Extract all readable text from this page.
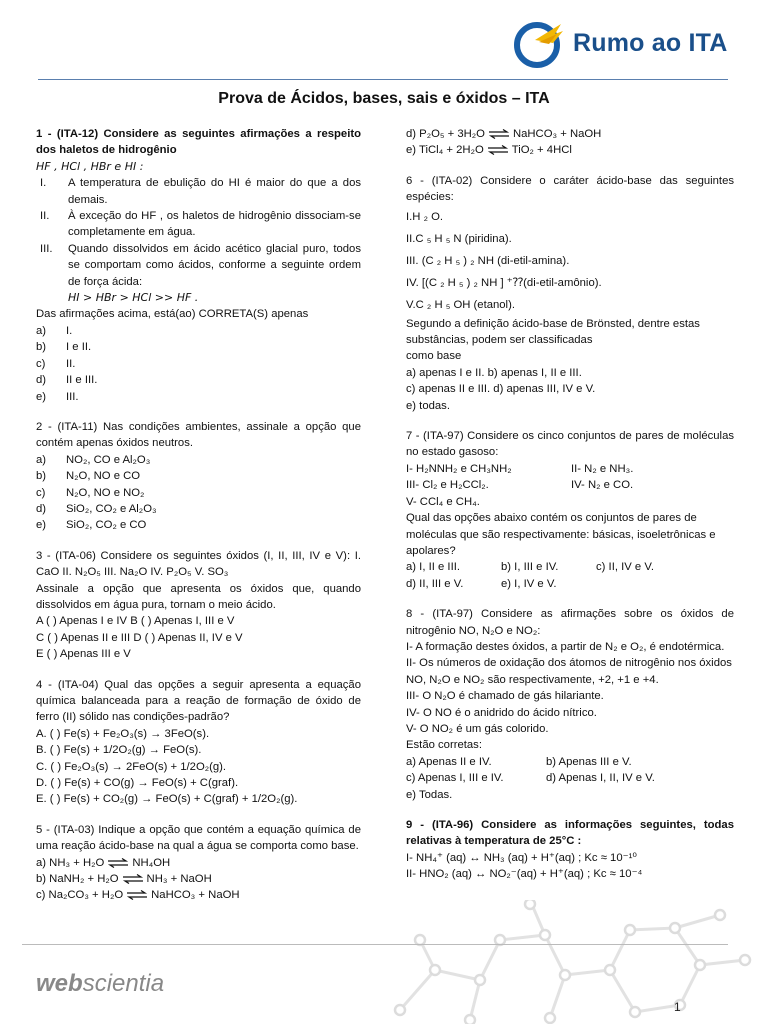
Rumo ao ITA
Prova de Ácidos, bases, sais e óxidos – ITA

1 - (ITA-12) Considere as seguintes afirmações a respeito dos haletos de hidrogênio

HF , HCl , HBr e HI :

I.	A temperatura de ebulição do HI é maior do que a dos demais.
II.	À exceção do HF , os haletos de hidrogênio dissociam-se completamente em água.
III.	Quando dissolvidos em ácido acético glacial puro, todos se comportam como ácidos, conforme a seguinte ordem de força ácida:

HI > HBr > HCl >> HF .

Das afirmações acima, está(ao) CORRETA(S) apenas

a)	I.
b)	I e II.
c)	II.
d)	II e III.
e)	III.

2 - (ITA-11) Nas condições ambientes, assinale a opção que contém apenas óxidos neutros.

a)	NO₂, CO e Al₂O₃
b)	N₂O, NO e CO
c)	N₂O, NO e NO₂
d)	SiO₂, CO₂ e Al₂O₃
e)	SiO₂, CO₂ e CO

3 - (ITA-06) Considere os seguintes óxidos (I, II, III, IV e V): I. CaO II. N₂O₅ III. Na₂O IV. P₂O₅ V. SO₃

Assinale a opção que apresenta os óxidos que, quando dissolvidos em água pura, tornam o meio ácido.

A ( ) Apenas I e IV B ( ) Apenas I, III e V

C ( ) Apenas II e III D ( ) Apenas II, IV e V

E ( ) Apenas III e V

4 - (ITA-04) Qual das opções a seguir apresenta a equação química balanceada para a reação de formação de óxido de ferro (II) sólido nas condições-padrão?

A. ( ) Fe(s) + Fe₂O₃(s) → 3FeO(s).

B. ( ) Fe(s) + 1/2O₂(g) → FeO(s).

C. ( ) Fe₂O₃(s) → 2FeO(s) + 1/2O₂(g).

D. ( ) Fe(s) + CO(g) → FeO(s) + C(graf).

E. ( ) Fe(s) + CO₂(g) → FeO(s) + C(graf) + 1/2O₂(g).

5 - (ITA-03) Indique a opção que contém a equação química de uma reação ácido-base na qual a água se comporta como base.

a) NH₃ + H₂O ⇌ NH₄OH

b) NaNH₂ + H₂O ⇌ NH₃ + NaOH

c) Na₂CO₃ + H₂O ⇌ NaHCO₃ + NaOH

d) P₂O₅ + 3H₂O ⇌ NaHCO₃ + NaOH

e) TiCl₄ + 2H₂O ⇌ TiO₂ + 4HCl

6 - (ITA-02) Considere o caráter ácido-base das seguintes espécies:

I.H ₂ O.

II.C ₅ H ₅ N (piridina).

III. (C ₂ H ₅ ) ₂ NH (di-etil-amina).

IV. [(C ₂ H ₅ ) ₂ NH ] ⁺⁇(di-etil-amônio).

V.C ₂ H ₅ OH (etanol).

Segundo a definição ácido-base de Brönsted, dentre estas substâncias, podem ser classificadas

como base

a) apenas I e II. b) apenas I, II e III.

c) apenas II e III. d) apenas III, IV e V.

e) todas.

7 - (ITA-97) Considere os cinco conjuntos de pares de moléculas no estado gasoso:

I- H₂NNH₂ e CH₃NH₂	II- N₂ e NH₃.
III- Cl₂ e H₂CCl₂.	IV- N₂ e CO.
V- CCl₄ e CH₄.

Qual das opções abaixo contém os conjuntos de pares de moléculas que são respectivamente: básicas, isoeletrônicas e apolares?

a) I, II e III.	b) I, III e IV.	c) II, IV e V.
d) II, III e V.	e) I, IV e V.

8 - (ITA-97) Considere as afirmações sobre os óxidos de nitrogênio NO, N₂O e NO₂:

I- A formação destes óxidos, a partir de N₂ e O₂, é endotérmica.

II- Os números de oxidação dos átomos de nitrogênio nos óxidos NO, N₂O e NO₂ são respectivamente, +2, +1 e +4.

III- O N₂O é chamado de gás hilariante.

IV- O NO é o anidrido do ácido nítrico.

V- O NO₂ é um gás colorido.

Estão corretas:

a) Apenas II e IV.	b) Apenas III e V.
c) Apenas I, III e IV.	d) Apenas I, II, IV e V.
e) Todas.

9 - (ITA-96) Considere as informações seguintes, todas relativas à temperatura de 25°C :

I- NH₄⁺ (aq) ↔ NH₃ (aq) + H⁺(aq) ; Kc ≈ 10⁻¹⁰

II- HNO₂ (aq) ↔ NO₂⁻(aq) + H⁺(aq) ; Kc ≈ 10⁻⁴

webscientia
1
